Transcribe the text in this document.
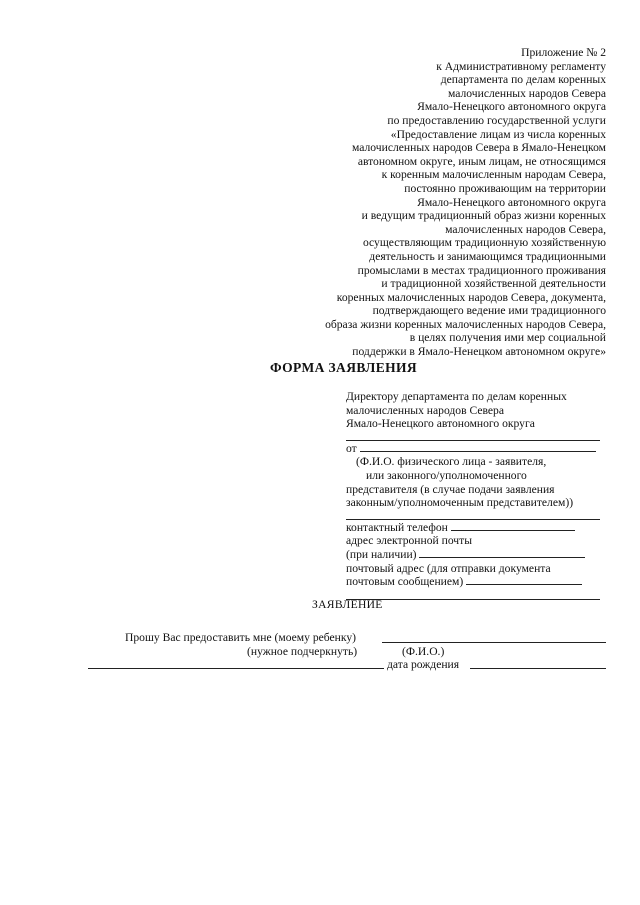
Приложение № 2
к Административному регламенту
департамента по делам коренных
малочисленных народов Севера
Ямало-Ненецкого автономного округа
по предоставлению государственной услуги
«Предоставление лицам из числа коренных
малочисленных народов Севера в Ямало-Ненецком
автономном округе, иным лицам, не относящимся
к коренным малочисленным народам Севера,
постоянно проживающим на территории
Ямало-Ненецкого автономного округа
и ведущим традиционный образ жизни коренных
малочисленных народов Севера,
осуществляющим традиционную хозяйственную
деятельность и занимающимся традиционными
промыслами в местах традиционного проживания
и традиционной хозяйственной деятельности
коренных малочисленных народов Севера, документа,
подтверждающего ведение ими традиционного
образа жизни коренных малочисленных народов Севера,
в целях получения ими мер социальной
поддержки в Ямало-Ненецком автономном округе»
ФОРМА ЗАЯВЛЕНИЯ
Директору департамента по делам коренных
малочисленных народов Севера
Ямало-Ненецкого автономного округа
от
(Ф.И.О. физического лица - заявителя,
или законного/уполномоченного
представителя (в случае подачи заявления
законным/уполномоченным представителем))
контактный телефон
адрес электронной почты
(при наличии)
почтовый адрес (для отправки документа
почтовым сообщением)
ЗАЯВЛЕНИЕ
Прошу Вас предоставить мне (моему ребенку)
(нужное подчеркнуть)	(Ф.И.О.)
дата рождения
